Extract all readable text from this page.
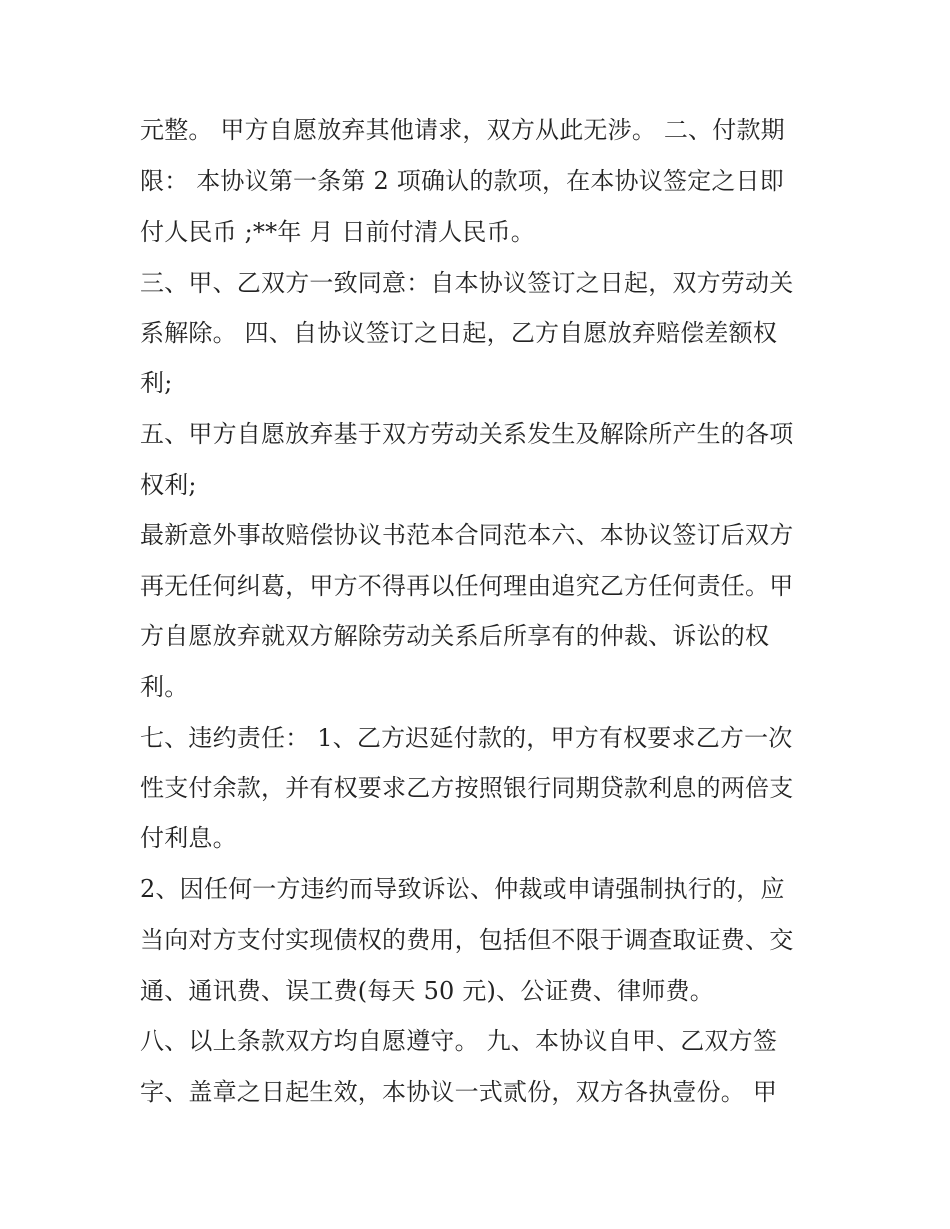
元整。 甲方自愿放弃其他请求，双方从此无涉。 二、付款期
限： 本协议第一条第 2 项确认的款项，在本协议签定之日即
付人民币 ;**年 月 日前付清人民币。
三、甲、乙双方一致同意：自本协议签订之日起，双方劳动关
系解除。 四、自协议签订之日起，乙方自愿放弃赔偿差额权
利;
五、甲方自愿放弃基于双方劳动关系发生及解除所产生的各项
权利;
最新意外事故赔偿协议书范本合同范本六、本协议签订后双方
再无任何纠葛，甲方不得再以任何理由追究乙方任何责任。甲
方自愿放弃就双方解除劳动关系后所享有的仲裁、诉讼的权
利。
七、违约责任： 1、乙方迟延付款的，甲方有权要求乙方一次
性支付余款，并有权要求乙方按照银行同期贷款利息的两倍支
付利息。
2、因任何一方违约而导致诉讼、仲裁或申请强制执行的，应
当向对方支付实现债权的费用，包括但不限于调查取证费、交
通、通讯费、误工费(每天 50 元)、公证费、律师费。
八、以上条款双方均自愿遵守。 九、本协议自甲、乙双方签
字、盖章之日起生效，本协议一式贰份，双方各执壹份。 甲
